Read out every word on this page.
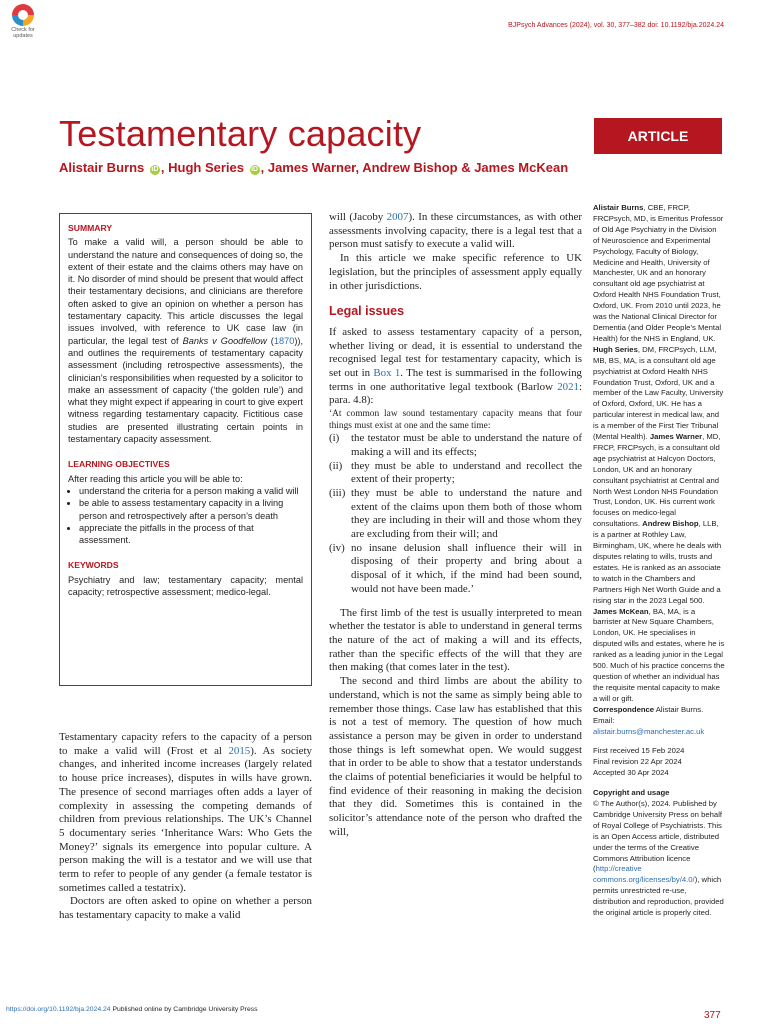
Check for
updates
BJPsych Advances (2024), vol. 30, 377–382 doi: 10.1192/bja.2024.24
Testamentary capacity	ARTICLE
Alistair Burns iD , Hugh Series iD , James Warner, Andrew Bishop & James McKean
SUMMARY

To make a valid will, a person should be able to understand the nature and consequences of doing so, the extent of their estate and the claims others may have on it. No disorder of mind should be present that would affect their testamentary decisions, and clinicians are therefore often asked to give an opinion on whether a person has testamentary capacity. This article discusses the legal issues involved, with reference to UK case law (in particular, the legal test of Banks v Goodfellow (1870)), and outlines the requirements of testamentary capacity assessment (including retrospective assessments), the clinician’s responsibilities when requested by a solicitor to make an assessment of capacity (‘the golden rule’) and what they might expect if appearing in court to give expert witness regarding testamentary capacity. Fictitious case studies are presented illustrating certain points in testamentary capacity assessment.

LEARNING OBJECTIVES

After reading this article you will be able to:

• understand the criteria for a person making a valid will
• be able to assess testamentary capacity in a living person and retrospectively after a person’s death
• appreciate the pitfalls in the process of that assessment.
KEYWORDS

Psychiatry and law; testamentary capacity; mental capacity; retrospective assessment; medico-legal.

Testamentary capacity refers to the capacity of a person to make a valid will (Frost et al 2015). As society changes, and inherited income increases (largely related to house price increases), disputes in wills have grown. The presence of second marriages often adds a layer of complexity in assessing the competing demands of children from previous relationships. The UK’s Channel 5 documentary series ‘Inheritance Wars: Who Gets the Money?’ signals its emergence into popular culture. A person making the will is a testator and we will use that term to refer to people of any gender (a female testator is sometimes called a testatrix).

Doctors are often asked to opine on whether a person has testamentary capacity to make a valid

will (Jacoby 2007). In these circumstances, as with other assessments involving capacity, there is a legal test that a person must satisfy to execute a valid will.

In this article we make specific reference to UK legislation, but the principles of assessment apply equally in other jurisdictions.

Legal issues

If asked to assess testamentary capacity of a person, whether living or dead, it is essential to understand the recognised legal test for testamentary capacity, which is set out in Box 1. The test is summarised in the following terms in one authoritative legal textbook (Barlow 2021: para. 4.8):

‘At common law sound testamentary capacity means that four things must exist at one and the same time:

(i)	the testator must be able to understand the nature of making a will and its effects;
(ii) they must be able to understand and recollect the extent of their property;
(iii) they must be able to understand the nature and extent of the claims upon them both of those whom they are including in their will and those whom they are excluding from their will; and
(iv) no insane delusion shall influence their will in disposing of their property and bring about a disposal of it which, if the mind had been sound, would not have been made.’

The first limb of the test is usually interpreted to mean whether the testator is able to understand in general terms the nature of the act of making a will and its effects, rather than the specific effects of the will that they are then making (that comes later in the test).

The second and third limbs are about the ability to understand, which is not the same as simply being able to remember those things. Case law has established that this is not a test of memory. The question of how much assistance a person may be given in order to understand those things is left somewhat open. We would suggest that in order to be able to show that a testator understands the claims of potential beneficiaries it would be helpful to find evidence of their reasoning in making the decision that they did. Sometimes this is contained in the solicitor’s attendance note of the person who drafted the will,

Alistair Burns, CBE, FRCP, FRCPsych, MD, is Emeritus Professor of Old Age Psychiatry in the Division of Neuroscience and Experimental Psychology, Faculty of Biology, Medicine and Health, University of Manchester, UK and an honorary consultant old age psychiatrist at Oxford Health NHS Foundation Trust, Oxford, UK. From 2010 until 2023, he was the National Clinical Director for Dementia (and Older People’s Mental Health) for the NHS in England, UK. Hugh Series, DM, FRCPsych, LLM, MB, BS, MA, is a consultant old age psychiatrist at Oxford Health NHS Foundation Trust, Oxford, UK and a member of the Law Faculty, University of Oxford, Oxford, UK. He has a particular interest in medical law, and is a member of the First Tier Tribunal (Mental Health). James Warner, MD, FRCP, FRCPsych, is a consultant old age psychiatrist at Halcyon Doctors, London, UK and an honorary consultant psychiatrist at Central and North West London NHS Foundation Trust, London, UK. His current work focuses on medico-legal consultations. Andrew Bishop, LLB, is a partner at Rothley Law, Birmingham, UK, where he deals with disputes relating to wills, trusts and estates. He is ranked as an associate to watch in the Chambers and Partners High Net Worth Guide and a rising star in the 2023 Legal 500. James McKean, BA, MA, is a barrister at New Square Chambers, London, UK. He specialises in disputed wills and estates, where he is ranked as a leading junior in the Legal 500. Much of his practice concerns the question of whether an individual has the requisite mental capacity to make a will or gift.

Correspondence Alistair Burns.

Email: alistair.burns@manchester.ac.uk

First received 15 Feb 2024

Final revision 22 Apr 2024

Accepted 30 Apr 2024

Copyright and usage

© The Author(s), 2024. Published by Cambridge University Press on behalf of Royal College of Psychiatrists. This is an Open Access article, distributed under the terms of the Creative Commons Attribution licence (http://creative commons.org/licenses/by/4.0/), which permits unrestricted re-use, distribution and reproduction, provided the original article is properly cited.

377
https://doi.org/10.1192/bja.2024.24 Published online by Cambridge University Press
